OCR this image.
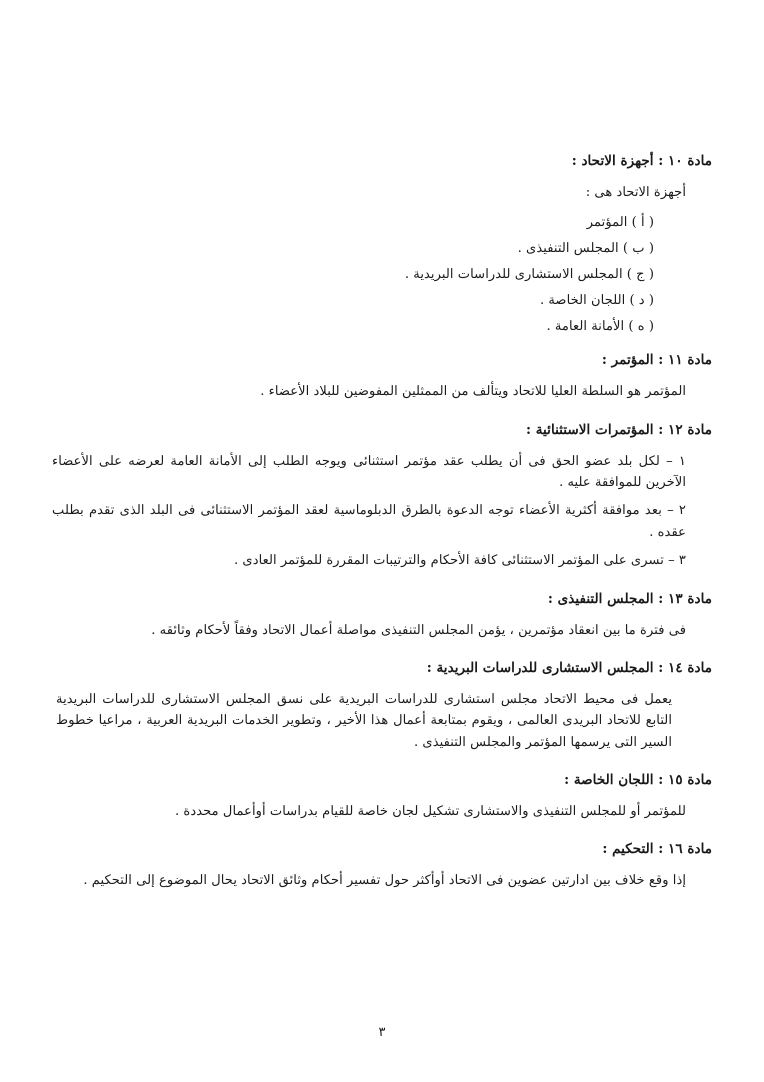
مادة ١٠ : أجهزة الاتحاد :

أجهزة الاتحاد هى :

( أ ) المؤتمر
( ب ) المجلس التنفيذى .
( ج ) المجلس الاستشارى للدراسات البريدية .
( د ) اللجان الخاصة .
( ه ) الأمانة العامة .

مادة ١١ : المؤتمر :

المؤتمر هو السلطة العليا للاتحاد ويتألف من الممثلين المفوضين للبلاد الأعضاء .

مادة ١٢ : المؤتمرات الاستثنائية :

١ – لكل بلد عضو الحق فى أن يطلب عقد مؤتمر استثنائى ويوجه الطلب إلى الأمانة العامة لعرضه على الأعضاء الآخرين للموافقة عليه .

٢ – بعد موافقة أكثرية الأعضاء توجه الدعوة بالطرق الدبلوماسية لعقد المؤتمر الاستثنائى فى البلد الذى تقدم بطلب عقده .

٣ – تسرى على المؤتمر الاستثنائى كافة الأحكام والترتيبات المقررة للمؤتمر العادى .

مادة ١٣ : المجلس التنفيذى :

فى فترة ما بين انعقاد مؤتمرين ، يؤمن المجلس التنفيذى مواصلة أعمال الاتحاد وفقاً لأحكام وثائقه .

مادة ١٤ : المجلس الاستشارى للدراسات البريدية :

يعمل فى محيط الاتحاد مجلس استشارى للدراسات البريدية على نسق المجلس الاستشارى للدراسات البريدية التابع للاتحاد البريدى العالمى ، ويقوم بمتابعة أعمال هذا الأخير ، وتطوير الخدمات البريدية العربية ، مراعيا خطوط السير التى يرسمها المؤتمر والمجلس التنفيذى .

مادة ١٥ : اللجان الخاصة :

للمؤتمر أو للمجلس التنفيذى والاستشارى تشكيل لجان خاصة للقيام بدراسات أوأعمال محددة .

مادة ١٦ : التحكيم :

إذا وقع خلاف بين ادارتين عضوين فى الاتحاد أوأكثر حول تفسير أحكام وثائق الاتحاد يحال الموضوع إلى التحكيم .

٣
